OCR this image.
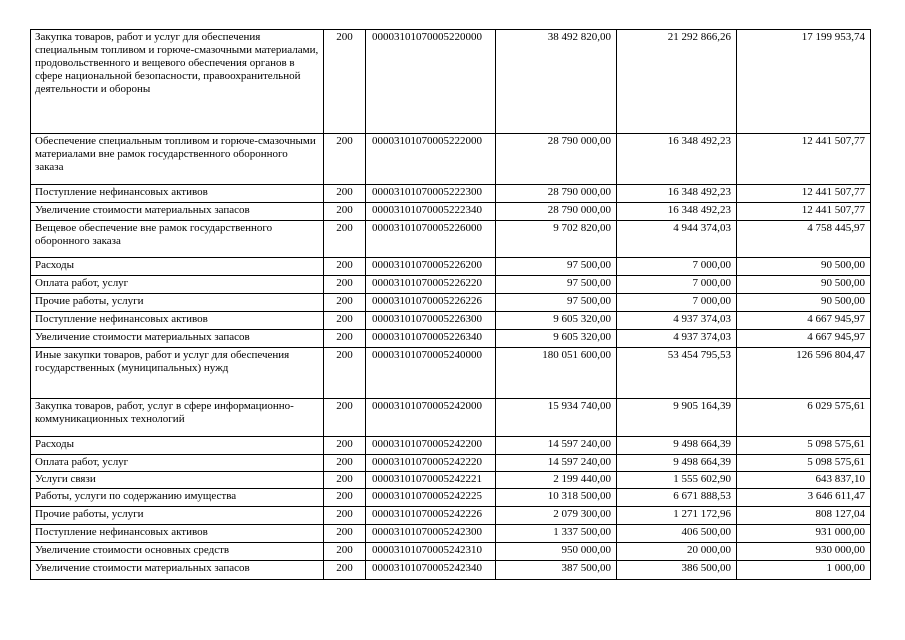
Закупка товаров, работ и услуг для обеспечения специальным топливом и горюче-смазочными материалами, продовольственного и вещевого обеспечения органов в сфере национальной безопасности, правоохранительной деятельности и обороны	200	00003101070005220000	38 492 820,00	21 292 866,26	17 199 953,74
Обеспечение специальным топливом и горюче-смазочными материалами вне рамок государственного оборонного заказа	200	00003101070005222000	28 790 000,00	16 348 492,23	12 441 507,77
Поступление нефинансовых активов	200	00003101070005222300	28 790 000,00	16 348 492,23	12 441 507,77
Увеличение стоимости материальных запасов	200	00003101070005222340	28 790 000,00	16 348 492,23	12 441 507,77
Вещевое обеспечение вне рамок государственного оборонного заказа	200	00003101070005226000	9 702 820,00	4 944 374,03	4 758 445,97
Расходы	200	00003101070005226200	97 500,00	7 000,00	90 500,00
Оплата работ, услуг	200	00003101070005226220	97 500,00	7 000,00	90 500,00
Прочие работы, услуги	200	00003101070005226226	97 500,00	7 000,00	90 500,00
Поступление нефинансовых активов	200	00003101070005226300	9 605 320,00	4 937 374,03	4 667 945,97
Увеличение стоимости материальных запасов	200	00003101070005226340	9 605 320,00	4 937 374,03	4 667 945,97
Иные закупки товаров, работ и услуг для обеспечения государственных (муниципальных) нужд	200	00003101070005240000	180 051 600,00	53 454 795,53	126 596 804,47
Закупка товаров, работ, услуг в сфере информационно-коммуникационных технологий	200	00003101070005242000	15 934 740,00	9 905 164,39	6 029 575,61
Расходы	200	00003101070005242200	14 597 240,00	9 498 664,39	5 098 575,61
Оплата работ, услуг	200	00003101070005242220	14 597 240,00	9 498 664,39	5 098 575,61
Услуги связи	200	00003101070005242221	2 199 440,00	1 555 602,90	643 837,10
Работы, услуги по содержанию имущества	200	00003101070005242225	10 318 500,00	6 671 888,53	3 646 611,47
Прочие работы, услуги	200	00003101070005242226	2 079 300,00	1 271 172,96	808 127,04
Поступление нефинансовых активов	200	00003101070005242300	1 337 500,00	406 500,00	931 000,00
Увеличение стоимости основных средств	200	00003101070005242310	950 000,00	20 000,00	930 000,00
Увеличение стоимости материальных запасов	200	00003101070005242340	387 500,00	386 500,00	1 000,00
